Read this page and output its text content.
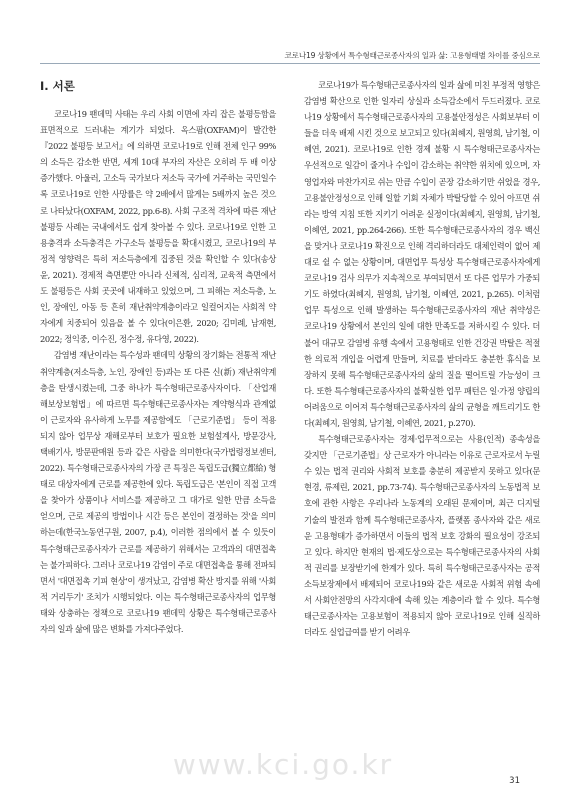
코로나19 상황에서 특수형태근로종사자의 일과 삶: 고용형태별 차이를 중심으로
Ⅰ. 서론

코로나19 팬데믹 사태는 우리 사회 이면에 자리 잡은 불평등함을 표면적으로 드러내는 계기가 되었다. 옥스팜(OXFAM)이 발간한 『2022 불평등 보고서』에 의하면 코로나19로 인해 전체 인구 99%의 소득은 감소한 반면, 세계 10대 부자의 자산은 오히려 두 배 이상 증가했다. 아울러, 고소득 국가보다 저소득 국가에 거주하는 국민일수록 코로나19로 인한 사망률은 약 2배에서 많게는 5배까지 높은 것으로 나타났다(OXFAM, 2022, pp.6-8). 사회 구조적 격차에 따른 재난 불평등 사례는 국내에서도 쉽게 찾아볼 수 있다. 코로나19로 인한 고용충격과 소득충격은 가구소득 불평등을 확대시켰고, 코로나19의 부정적 영향력은 특히 저소득층에게 집중된 것을 확인할 수 있다(송상윤, 2021). 경제적 측면뿐만 아니라 신체적, 심리적, 교육적 측면에서도 불평등은 사회 곳곳에 내재하고 있었으며, 그 피해는 저소득층, 노인, 장애인, 아동 등 흔히 재난취약계층이라고 일컬어지는 사회적 약자에게 치중되어 있음을 볼 수 있다(이은환, 2020; 김미례, 남재현, 2022; 정익중, 이수진, 정수정, 유다영, 2022).

감염병 재난이라는 특수성과 팬데믹 상황의 장기화는 전통적 재난취약계층(저소득층, 노인, 장애인 등)과는 또 다른 신(新) 재난취약계층을 탄생시켰는데, 그중 하나가 특수형태근로종사자이다. 「산업재해보상보험법」에 따르면 특수형태근로종사자는 계약형식과 관계없이 근로자와 유사하게 노무를 제공함에도 「근로기준법」 등이 적용되지 않아 업무상 재해로부터 보호가 필요한 보험설계사, 방문강사, 택배기사, 방문판매원 등과 같은 사람을 의미한다(국가법령정보센터, 2022). 특수형태근로종사자의 가장 큰 특징은 독립도급(獨立都給) 형태로 대상자에게 근로를 제공한에 있다. 독립도급은 '본인이 직접 고객을 찾아가 상품이나 서비스를 제공하고 그 대가로 일한 만큼 소득을 얻으며, 근로 제공의 방법이나 시간 등은 본인이 결정하는 것'을 의미하는데(한국노동연구원, 2007, p.4), 이러한 점의에서 볼 수 있듯이 특수형태근로종사자가 근로를 제공하기 위해서는 고객과의 대면접촉는 불가피하다. 그러나 코로나19 감염이 주로 대면접촉을 통해 전파되면서 '대면접촉 기피 현상'이 생겨났고, 감염병 확산 방지를 위해 '사회적 거리두기' 조치가 시행되었다. 이는 특수형태근로종사자의 업무형태와 상충하는 정책으로 코로나19 팬데믹 상황은 특수형태근로종사자의 일과 삶에 많은 변화를 가져다주었다.

코로나19가 특수형태근로종사자의 일과 삶에 미친 부정적 영향은 감염병 확산으로 인한 일자리 상실과 소득감소에서 두드러졌다. 코로나19 상황에서 특수형태근로종사자의 고용불안정성은 사회보부터 이들을 더욱 배제 시킨 것으로 보고되고 있다(최혜지, 원영희, 남기철, 이혜연, 2021). 코로나19로 인한 경제 불황 시 특수형태근로종사자는 우선적으로 일감이 줄거나 수입이 감소하는 취약한 위치에 있으며, 자영업자와 마찬가지로 쉬는 만큼 수입이 곧장 감소하기만 쉬었을 경우, 고용불안정성으로 인해 일할 기회 자체가 박탈당할 수 있어 아프면 쉬라는 방역 지침 또한 지키기 어려운 실정이다(최혜지, 원영희, 남기철, 이혜연, 2021, pp.264-266). 또한 특수형태근로종사자의 경우 백신을 맞거나 코로나19 확진으로 인해 격리하더라도 대체인력이 없어 제대로 쉴 수 없는 상황이며, 대면업무 특성상 특수형태근로종사자에게 코로나19 검사 의무가 지속적으로 부여되면서 또 다른 업무가 가중되기도 하였다(최혜지, 원영희, 남기철, 이혜연, 2021, p.265). 이처럼 업무 특성으로 인해 발생하는 특수형태근로종사자의 재난 취약성은 코로나19 상황에서 본인의 일에 대한 만족도를 저하시킬 수 있다. 더불어 대규모 감염병 유행 속에서 고용형태로 인한 건강권 박탈은 적절한 의료적 개입을 어렵게 만들며, 치료를 받더라도 충분한 휴식을 보장하지 못해 특수형태근로종사자의 삶의 질을 떨어트릴 가능성이 크다. 또한 특수형태근로종사자의 불확실한 업무 패턴은 일·가정 양립의 어려움으로 이어져 특수형태근로종사자의 삶의 균형을 깨트리기도 한다(최혜지, 원영희, 남기철, 이혜연, 2021, p.270).

특수형태근로종사자는 경제·업무적으로는 사용(인적) 종속성을 갖지만 「근로기준법」상 근로자가 아니라는 이유로 근로자로서 누릴 수 있는 법적 권리와 사회적 보호를 충분히 제공받지 못하고 있다(문현경, 류제린, 2021, pp.73-74). 특수형태근로종사자의 노동법적 보호에 관한 사항은 우리나라 노동계의 오래된 문제이며, 최근 디지털 기술의 발전과 함께 특수형태근로종사자, 플랫폼 종사자와 같은 새로운 고용형태가 증가하면서 이들의 법적 보호 강화의 필요성이 강조되고 있다. 하지만 현재의 법·제도상으로는 특수형태근로종사자의 사회적 권리를 보장받기에 한계가 있다. 특히 특수형태근로종사자는 공적 소득보장제에서 배제되어 코로나19와 같은 새로운 사회적 위험 속에서 사회안전망의 사각지대에 속해 있는 계층이라 할 수 있다. 특수형태근로종사자는 고용보험이 적용되지 않아 코로나19로 인해 실직하더라도 실업급여를 받기 어려우

www.kci.go.kr	31
